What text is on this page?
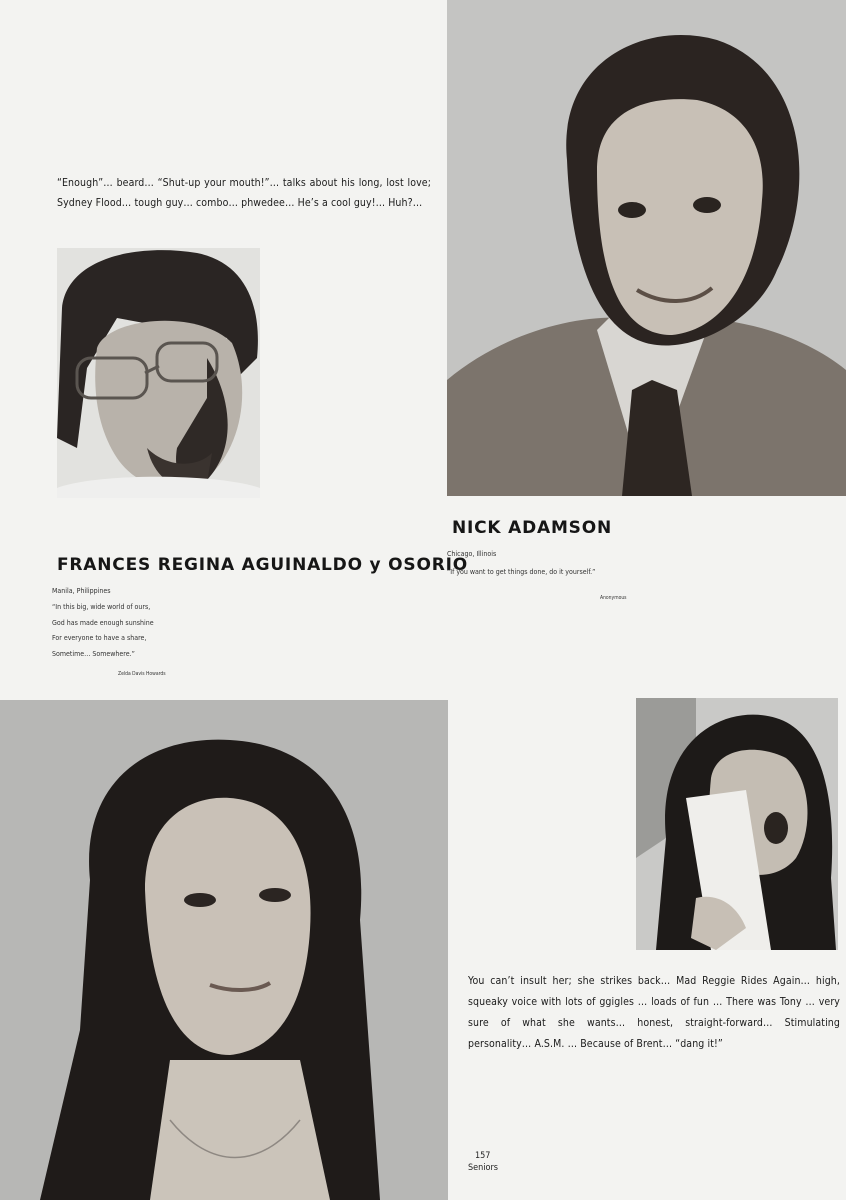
“Enough”… beard… “Shut-up your mouth!”… talks about his long, lost love; Sydney Flood… tough guy… combo… phwedee… He’s a cool guy!… Huh?…
FRANCES REGINA AGUINALDO y OSORIO
Manila, Philippines
“In this big, wide world of ours,
God has made enough sunshine
For everyone to have a share,
Sometime… Somewhere.”
Zelda Davis Howards
NICK ADAMSON
Chicago, Illinois
“If you want to get things done, do it yourself.”
Anonymous
You can’t insult her; she strikes back… Mad Reggie Rides Again… high, squeaky voice with lots of ggigles … loads of fun … There was Tony … very sure of what she wants… honest, straight-forward… Stimulating personality… A.S.M. … Because of Brent… “dang it!”
157
Seniors
